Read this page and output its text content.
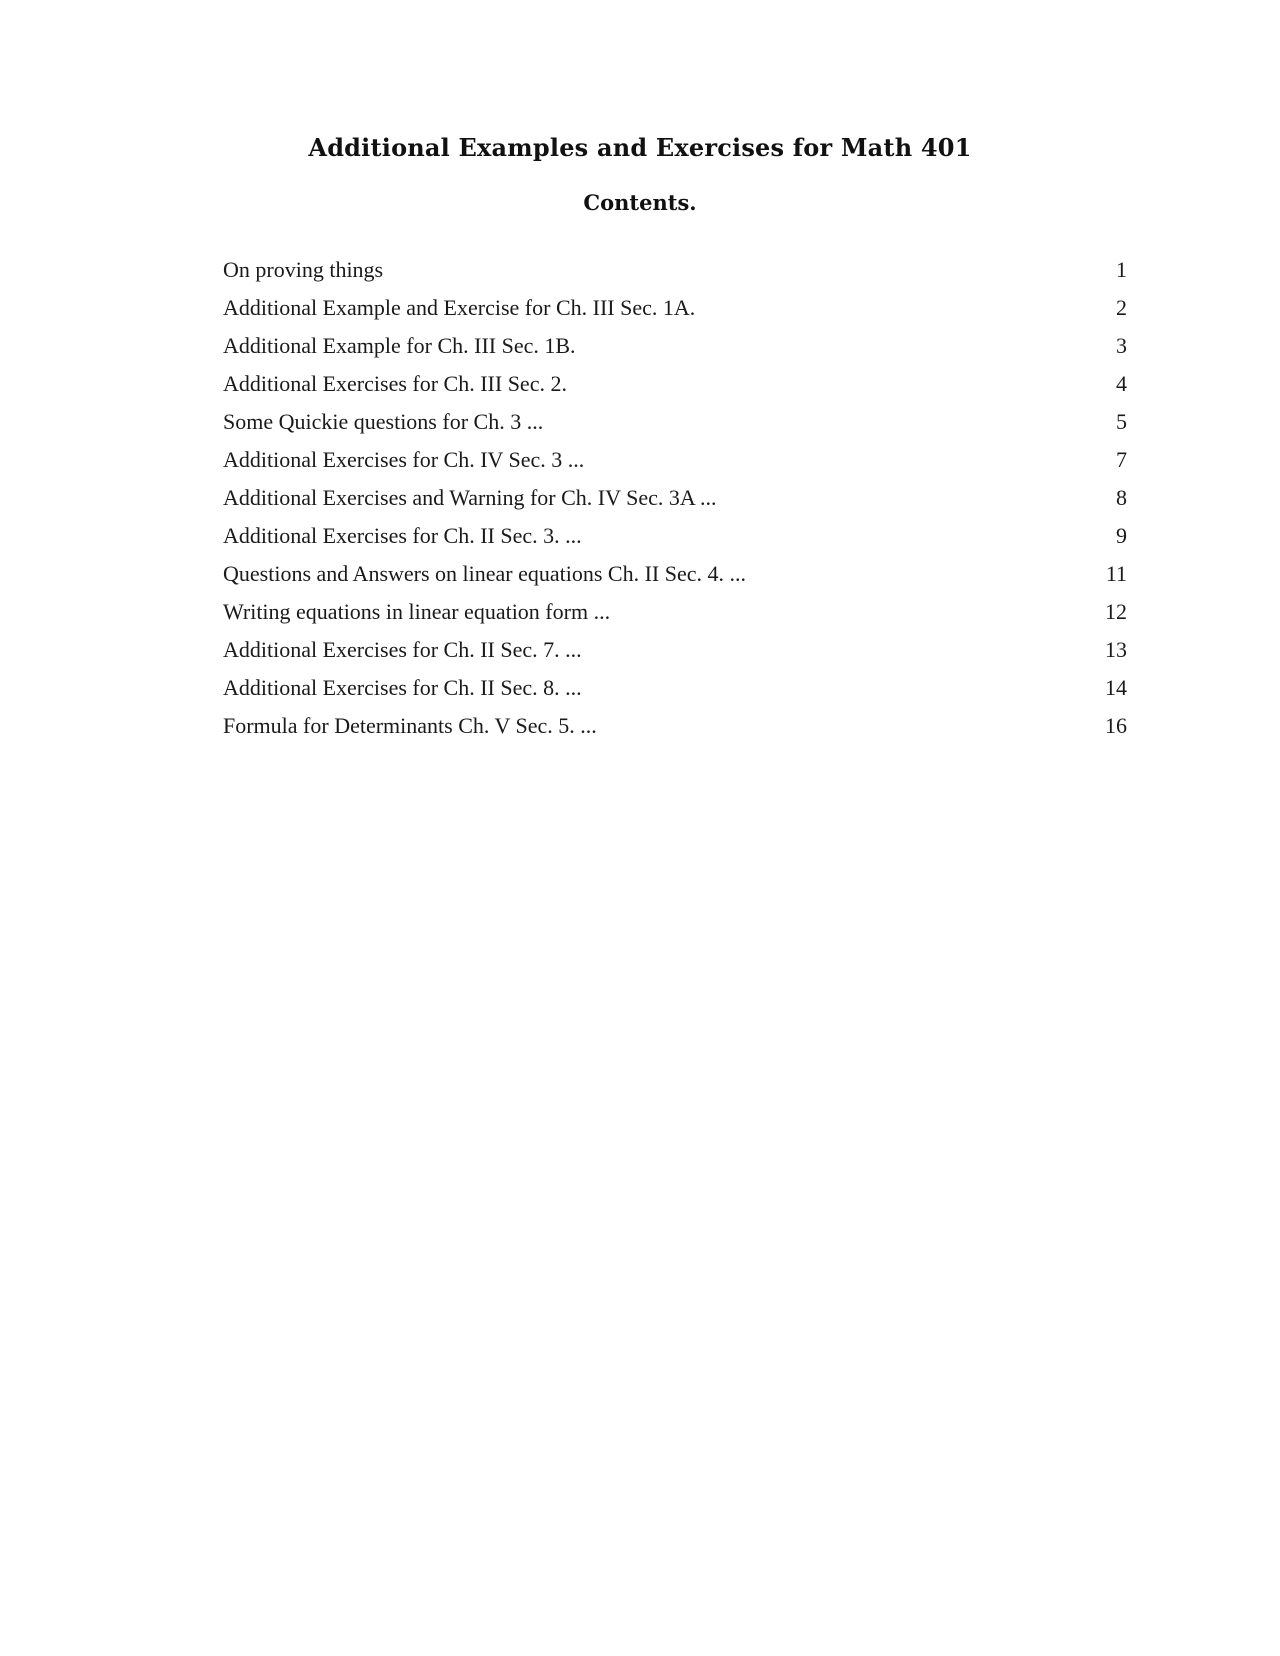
Additional Examples and Exercises for Math 401
Contents.
On proving things	1
Additional Example and Exercise for Ch. III Sec. 1A.	2
Additional Example for Ch. III Sec. 1B.	3
Additional Exercises for Ch. III Sec. 2.	4
Some Quickie questions for Ch. 3 ...	5
Additional Exercises for Ch. IV Sec. 3 ...	7
Additional Exercises and Warning for Ch. IV Sec. 3A ...	8
Additional Exercises for Ch. II Sec. 3. ...	9
Questions and Answers on linear equations Ch. II Sec. 4. ...	11
Writing equations in linear equation form ...	12
Additional Exercises for Ch. II Sec. 7. ...	13
Additional Exercises for Ch. II Sec. 8. ...	14
Formula for Determinants Ch. V Sec. 5. ...	16
